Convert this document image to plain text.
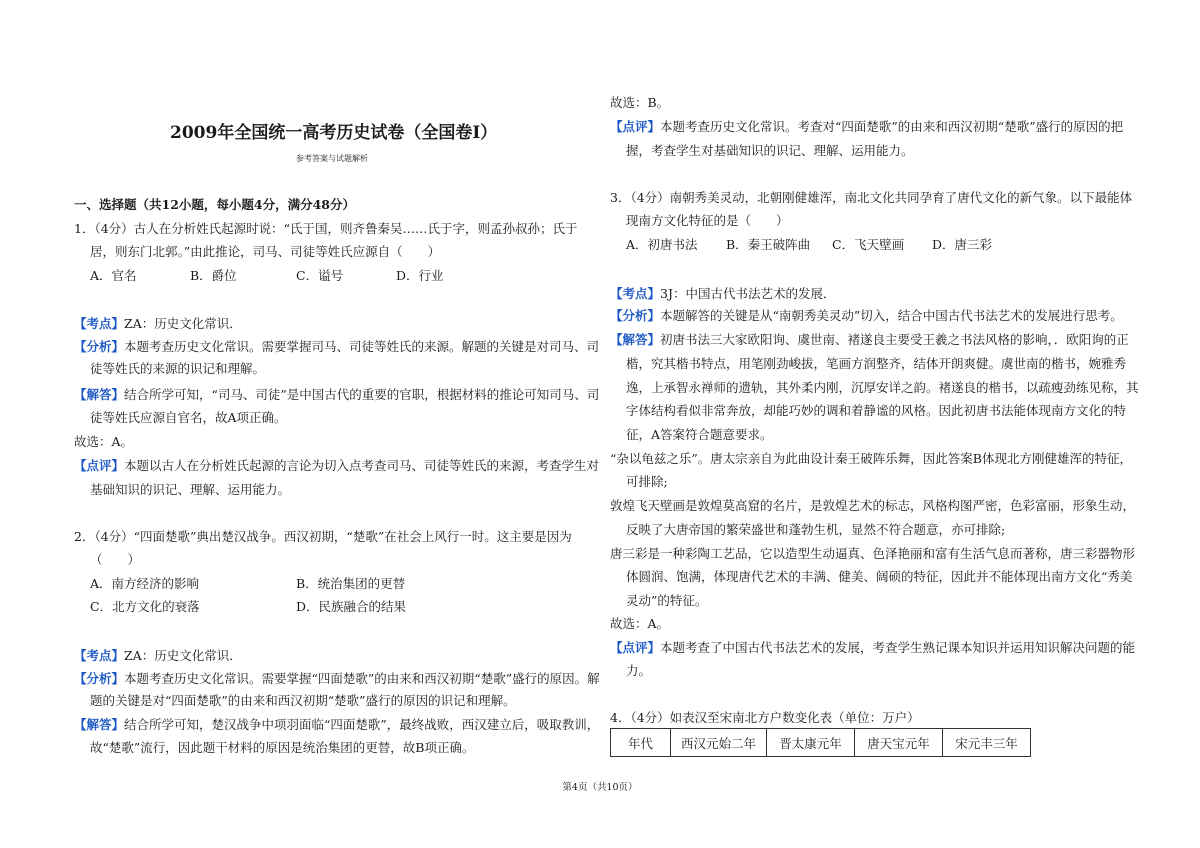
2009年全国统一高考历史试卷（全国卷Ⅰ）
参考答案与试题解析
一、选择题（共12小题，每小题4分，满分48分）
1．（4分）古人在分析姓氏起源时说：“氏于国，则齐鲁秦吴……氏于字，则孟孙叔孙；氏于
居，则东门北郭。”由此推论，司马、司徒等姓氏应源自（　　）
A．官名	B．爵位	C．谥号	D．行业
【考点】ZA：历史文化常识．
【分析】本题考查历史文化常识。需要掌握司马、司徒等姓氏的来源。解题的关键是对司马、司
徒等姓氏的来源的识记和理解。
【解答】结合所学可知，“司马、司徒”是中国古代的重要的官职，根据材料的推论可知司马、司
徒等姓氏应源自官名，故A项正确。
故选：A。
【点评】本题以古人在分析姓氏起源的言论为切入点考查司马、司徒等姓氏的来源，考查学生对
基础知识的识记、理解、运用能力。
2．（4分）“四面楚歌”典出楚汉战争。西汉初期，“楚歌”在社会上风行一时。这主要是因为
（　　）
A．南方经济的影响	B．统治集团的更替
C．北方文化的衰落	D．民族融合的结果
【考点】ZA：历史文化常识．
【分析】本题考查历史文化常识。需要掌握“四面楚歌”的由来和西汉初期“楚歌”盛行的原因。解
题的关键是对“四面楚歌”的由来和西汉初期“楚歌”盛行的原因的识记和理解。
【解答】结合所学可知，楚汉战争中项羽面临“四面楚歌”，最终战败，西汉建立后，吸取教训，
故“楚歌”流行，因此题干材料的原因是统治集团的更替，故B项正确。
故选：B。
【点评】本题考查历史文化常识。考查对“四面楚歌”的由来和西汉初期“楚歌”盛行的原因的把
握，考查学生对基础知识的识记、理解、运用能力。
3．（4分）南朝秀美灵动，北朝刚健雄浑，南北文化共同孕育了唐代文化的新气象。以下最能体
现南方文化特征的是（　　）
A．初唐书法 B．秦王破阵曲 C．飞天壁画 D．唐三彩
【考点】3J：中国古代书法艺术的发展．
【分析】本题解答的关键是从“南朝秀美灵动”切入，结合中国古代书法艺术的发展进行思考。
【解答】初唐书法三大家欧阳询、虞世南、褚遂良主要受王羲之书法风格的影响，．欧阳询的正
楷，究其楷书特点，用笔刚劲峻拔，笔画方润整齐，结体开朗爽健。虞世南的楷书，婉雅秀
逸，上承智永禅师的遗轨，其外柔内刚，沉厚安详之韵。褚遂良的楷书，以疏瘦劲练见称，其
字体结构看似非常奔放，却能巧妙的调和着静谧的风格。因此初唐书法能体现南方文化的特
征，A答案符合题意要求。
“杂以龟兹之乐”。唐太宗亲自为此曲设计秦王破阵乐舞，因此答案B体现北方刚健雄浑的特征，
可排除;
敦煌飞天壁画是敦煌莫高窟的名片，是敦煌艺术的标志，风格构图严密，色彩富丽，形象生动，
反映了大唐帝国的繁荣盛世和蓬勃生机，显然不符合题意，亦可排除;
唐三彩是一种彩陶工艺品，它以造型生动逼真、色泽艳丽和富有生活气息而著称，唐三彩器物形
体圆润、饱满，体现唐代艺术的丰满、健美、阔硕的特征，因此并不能体现出南方文化“秀美
灵动”的特征。
故选：A。
【点评】本题考查了中国古代书法艺术的发展，考查学生熟记课本知识并运用知识解决问题的能
力。
4．（4分）如表汉至宋南北方户数变化表（单位：万户）
年代	西汉元始二年	晋太康元年	唐天宝元年	宋元丰三年
第4页（共10页）
